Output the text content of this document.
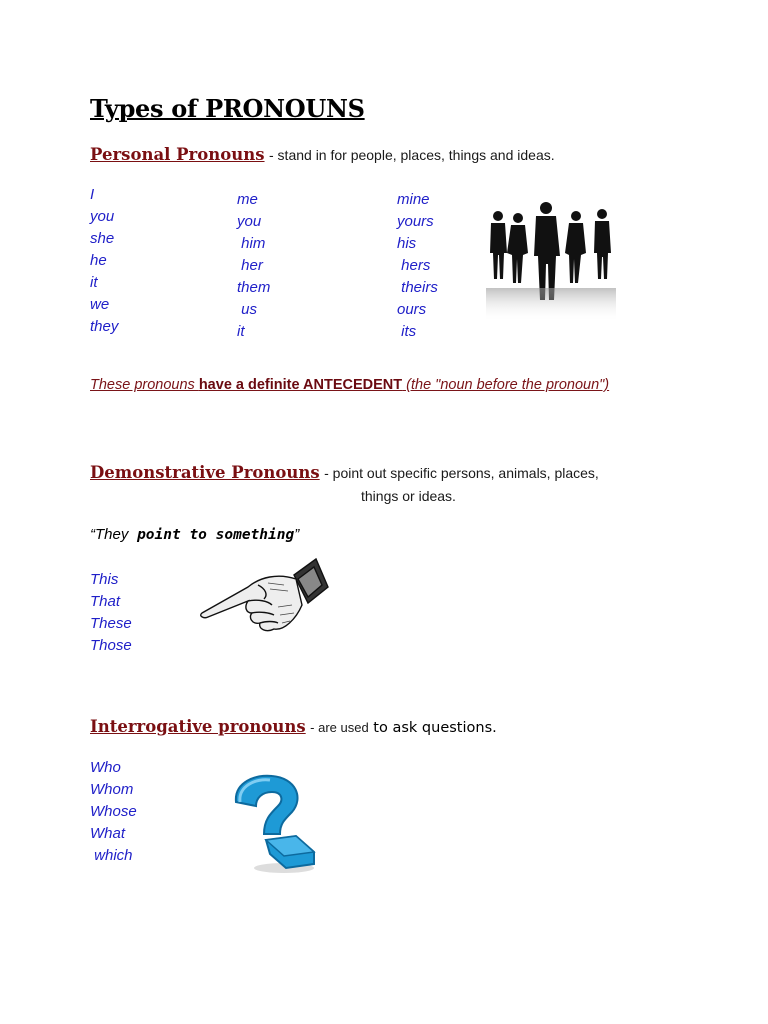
Types of PRONOUNS
Personal Pronouns - stand in for people, places, things and ideas.
I
you
she
he
it
we
they
me
you
him
her
them
us
it
mine
yours
his
hers
theirs
ours
its
These pronouns have a definite ANTECEDENT (the "noun before the pronoun")
Demonstrative Pronouns - point out specific persons, animals, places,
things or ideas.
“They point to something”
This
That
These
Those
Interrogative pronouns - are used to ask questions.
Who
Whom
Whose
What
which
